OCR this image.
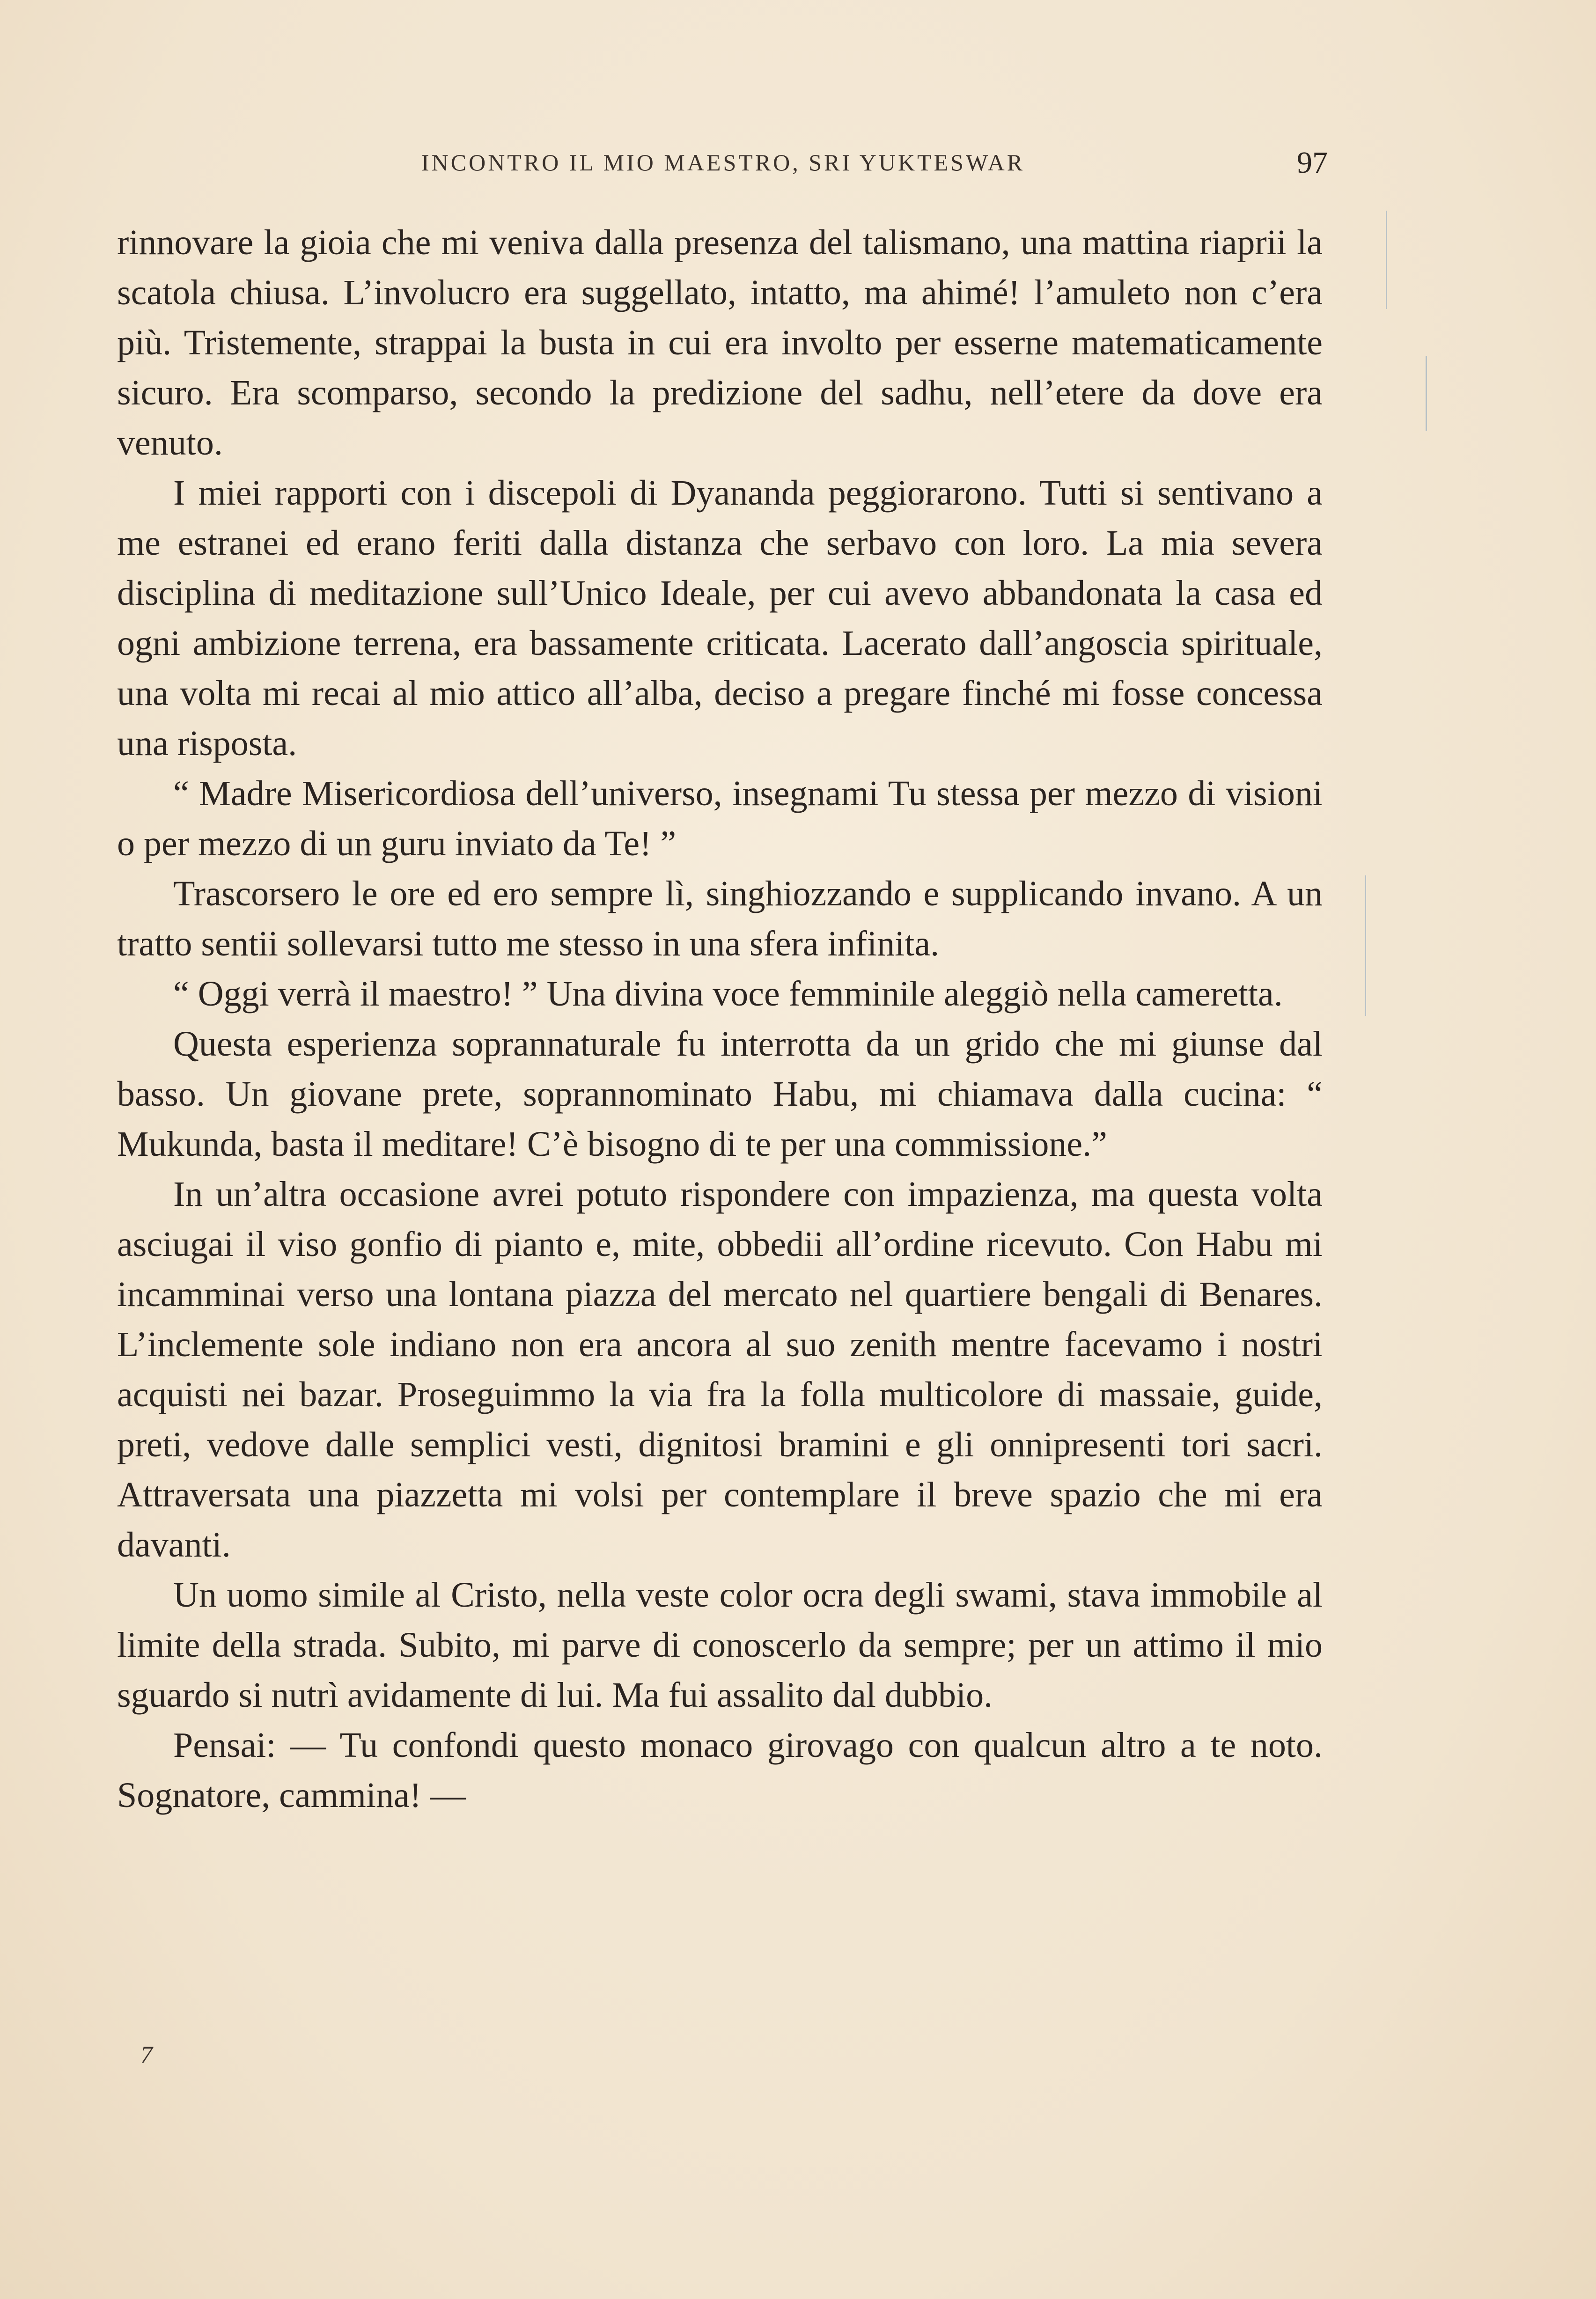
INCONTRO IL MIO MAESTRO, SRI YUKTESWAR	97

rinnovare la gioia che mi veniva dalla presenza del talismano, una mattina riaprii la scatola chiusa. L’involucro era suggellato, intatto, ma ahimé! l’amuleto non c’era più. Tristemente, strappai la busta in cui era involto per esserne matematicamente sicuro. Era scomparso, secondo la predizione del sadhu, nell’etere da dove era venuto.

I miei rapporti con i discepoli di Dyananda peggiorarono. Tutti si sentivano a me estranei ed erano feriti dalla distanza che serbavo con loro. La mia severa disciplina di meditazione sull’Unico Ideale, per cui avevo abbandonata la casa ed ogni ambizione terrena, era bassamente criticata. Lacerato dall’angoscia spirituale, una volta mi recai al mio attico all’alba, deciso a pregare finché mi fosse concessa una risposta.

“ Madre Misericordiosa dell’universo, insegnami Tu stessa per mezzo di visioni o per mezzo di un guru inviato da Te! ”

Trascorsero le ore ed ero sempre lì, singhiozzando e supplicando invano. A un tratto sentii sollevarsi tutto me stesso in una sfera infinita.

“ Oggi verrà il maestro! ” Una divina voce femminile aleggiò nella cameretta.

Questa esperienza soprannaturale fu interrotta da un grido che mi giunse dal basso. Un giovane prete, soprannominato Habu, mi chiamava dalla cucina: “ Mukunda, basta il meditare! C’è bisogno di te per una commissione.”

In un’altra occasione avrei potuto rispondere con impazienza, ma questa volta asciugai il viso gonfio di pianto e, mite, obbedii all’ordine ricevuto. Con Habu mi incamminai verso una lontana piazza del mercato nel quartiere bengali di Benares. L’inclemente sole indiano non era ancora al suo zenith mentre facevamo i nostri acquisti nei bazar. Proseguimmo la via fra la folla multicolore di massaie, guide, preti, vedove dalle semplici vesti, dignitosi bramini e gli onnipresenti tori sacri. Attraversata una piazzetta mi volsi per contemplare il breve spazio che mi era davanti.

Un uomo simile al Cristo, nella veste color ocra degli swami, stava immobile al limite della strada. Subito, mi parve di conoscerlo da sempre; per un attimo il mio sguardo si nutrì avidamente di lui. Ma fui assalito dal dubbio.

Pensai: — Tu confondi questo monaco girovago con qualcun altro a te noto. Sognatore, cammina! —

7
